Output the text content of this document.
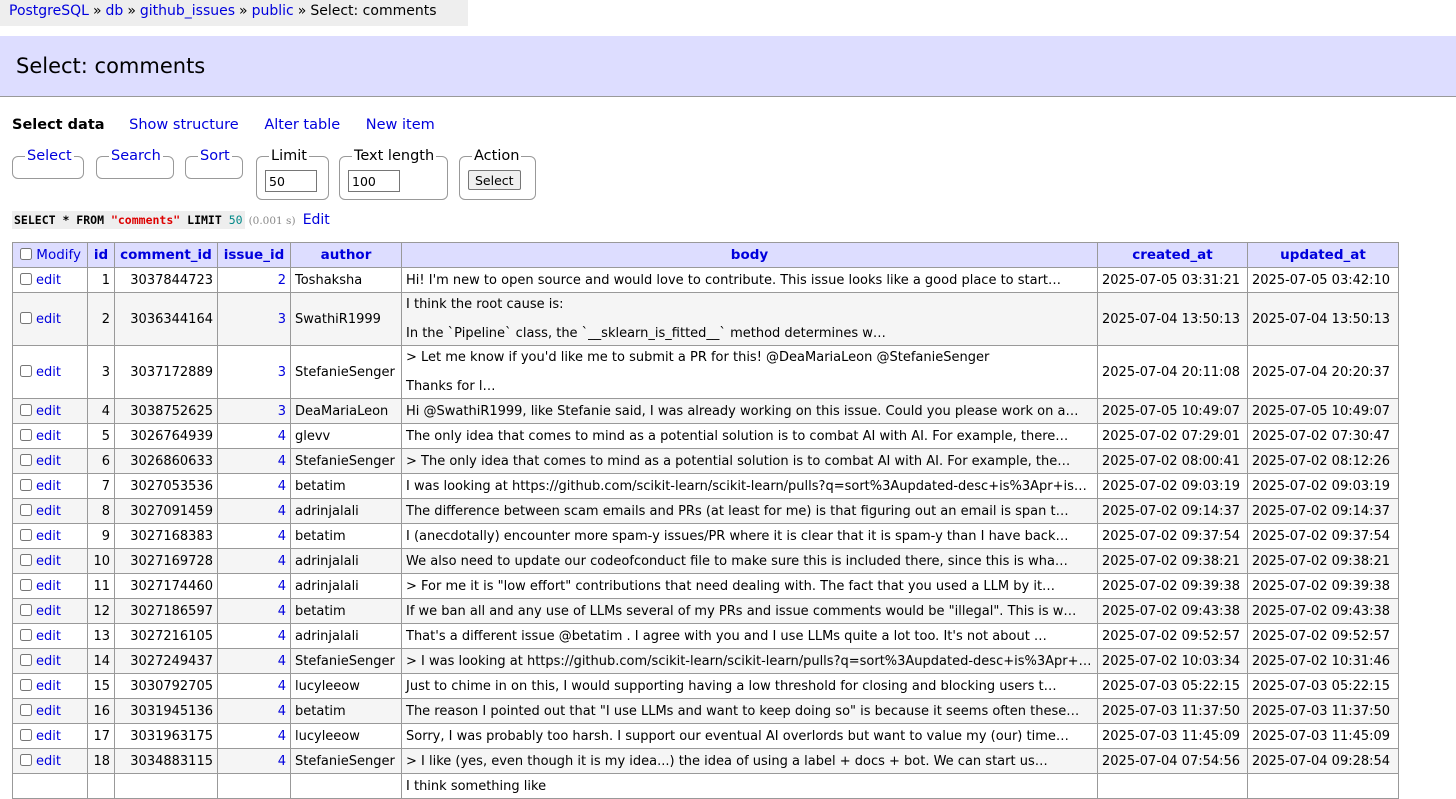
PostgreSQL » db » github_issues » public » Select: comments
Select: comments
Select data Show structure Alter table New item
Select	Search	Sort	Limit
50	Text length
100	Action
Select
SELECT * FROM "comments" LIMIT 50 (0.001 s) Edit
Modify	id	comment_id	issue_id	author	body	created_at	updated_at
edit	1	3037844723	2	Toshaksha	Hi! I'm new to open source and would love to contribute. This issue looks like a good place to start…	2025-07-05 03:31:21	2025-07-05 03:42:10
edit	2	3036344164	3	SwathiR1999	I think the root cause is:
In the `Pipeline` class, the `__sklearn_is_fitted__` method determines w…	2025-07-04 13:50:13	2025-07-04 13:50:13
edit	3	3037172889	3	StefanieSenger	> Let me know if you'd like me to submit a PR for this! @DeaMariaLeon @StefanieSenger
Thanks for l…	2025-07-04 20:11:08	2025-07-04 20:20:37
edit	4	3038752625	3	DeaMariaLeon	Hi @SwathiR1999, like Stefanie said, I was already working on this issue. Could you please work on a…	2025-07-05 10:49:07	2025-07-05 10:49:07
edit	5	3026764939	4	glevv	The only idea that comes to mind as a potential solution is to combat AI with AI. For example, there…	2025-07-02 07:29:01	2025-07-02 07:30:47
edit	6	3026860633	4	StefanieSenger	> The only idea that comes to mind as a potential solution is to combat AI with AI. For example, the…	2025-07-02 08:00:41	2025-07-02 08:12:26
edit	7	3027053536	4	betatim	I was looking at https://github.com/scikit-learn/scikit-learn/pulls?q=sort%3Aupdated-desc+is%3Apr+is…	2025-07-02 09:03:19	2025-07-02 09:03:19
edit	8	3027091459	4	adrinjalali	The difference between scam emails and PRs (at least for me) is that figuring out an email is span t…	2025-07-02 09:14:37	2025-07-02 09:14:37
edit	9	3027168383	4	betatim	I (anecdotally) encounter more spam-y issues/PR where it is clear that it is spam-y than I have back…	2025-07-02 09:37:54	2025-07-02 09:37:54
edit	10	3027169728	4	adrinjalali	We also need to update our codeofconduct file to make sure this is included there, since this is wha…	2025-07-02 09:38:21	2025-07-02 09:38:21
edit	11	3027174460	4	adrinjalali	> For me it is "low effort" contributions that need dealing with. The fact that you used a LLM by it…	2025-07-02 09:39:38	2025-07-02 09:39:38
edit	12	3027186597	4	betatim	If we ban all and any use of LLMs several of my PRs and issue comments would be "illegal". This is w…	2025-07-02 09:43:38	2025-07-02 09:43:38
edit	13	3027216105	4	adrinjalali	That's a different issue @betatim . I agree with you and I use LLMs quite a lot too. It's not about …	2025-07-02 09:52:57	2025-07-02 09:52:57
edit	14	3027249437	4	StefanieSenger	> I was looking at https://github.com/scikit-learn/scikit-learn/pulls?q=sort%3Aupdated-desc+is%3Apr+…	2025-07-02 10:03:34	2025-07-02 10:31:46
edit	15	3030792705	4	lucyleeow	Just to chime in on this, I would supporting having a low threshold for closing and blocking users t…	2025-07-03 05:22:15	2025-07-03 05:22:15
edit	16	3031945136	4	betatim	The reason I pointed out that "I use LLMs and want to keep doing so" is because it seems often these…	2025-07-03 11:37:50	2025-07-03 11:37:50
edit	17	3031963175	4	lucyleeow	Sorry, I was probably too harsh. I support our eventual AI overlords but want to value my (our) time…	2025-07-03 11:45:09	2025-07-03 11:45:09
edit	18	3034883115	4	StefanieSenger	> I like (yes, even though it is my idea...) the idea of using a label + docs + bot. We can start us…	2025-07-04 07:54:56	2025-07-04 09:28:54
					I think something like		
